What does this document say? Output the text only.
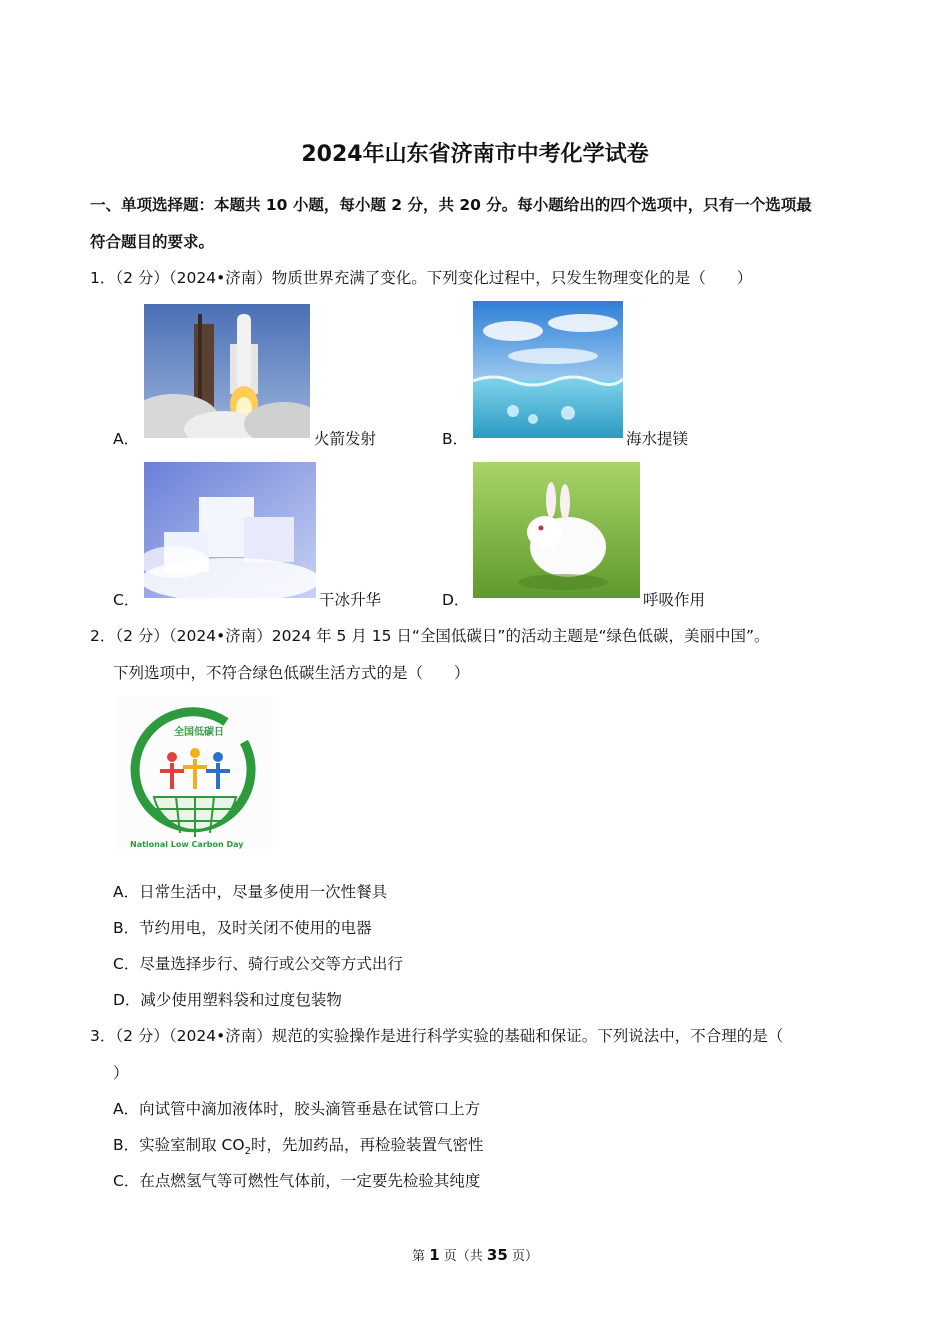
2024年山东省济南市中考化学试卷
一、单项选择题：本题共 10 小题，每小题 2 分，共 20 分。每小题给出的四个选项中，只有一个选项最
符合题目的要求。
1．（2 分）（2024•济南）物质世界充满了变化。下列变化过程中，只发生物理变化的是（　　）
A．	火箭发射	B．	海水提镁
C．	干冰升华	D．	呼吸作用
2．（2 分）（2024•济南）2024 年 5 月 15 日“全国低碳日”的活动主题是“绿色低碳，美丽中国”。
下列选项中，不符合绿色低碳生活方式的是（　　）
全国低碳日
National Low Carbon Day
A．日常生活中，尽量多使用一次性餐具
B．节约用电，及时关闭不使用的电器
C．尽量选择步行、骑行或公交等方式出行
D．减少使用塑料袋和过度包装物
3．（2 分）（2024•济南）规范的实验操作是进行科学实验的基础和保证。下列说法中，不合理的是（
）
A．向试管中滴加液体时，胶头滴管垂悬在试管口上方
B．实验室制取 $CO_2$时，先加药品，再检验装置气密性
C．在点燃氢气等可燃性气体前，一定要先检验其纯度
第 1 页（共 35 页）
